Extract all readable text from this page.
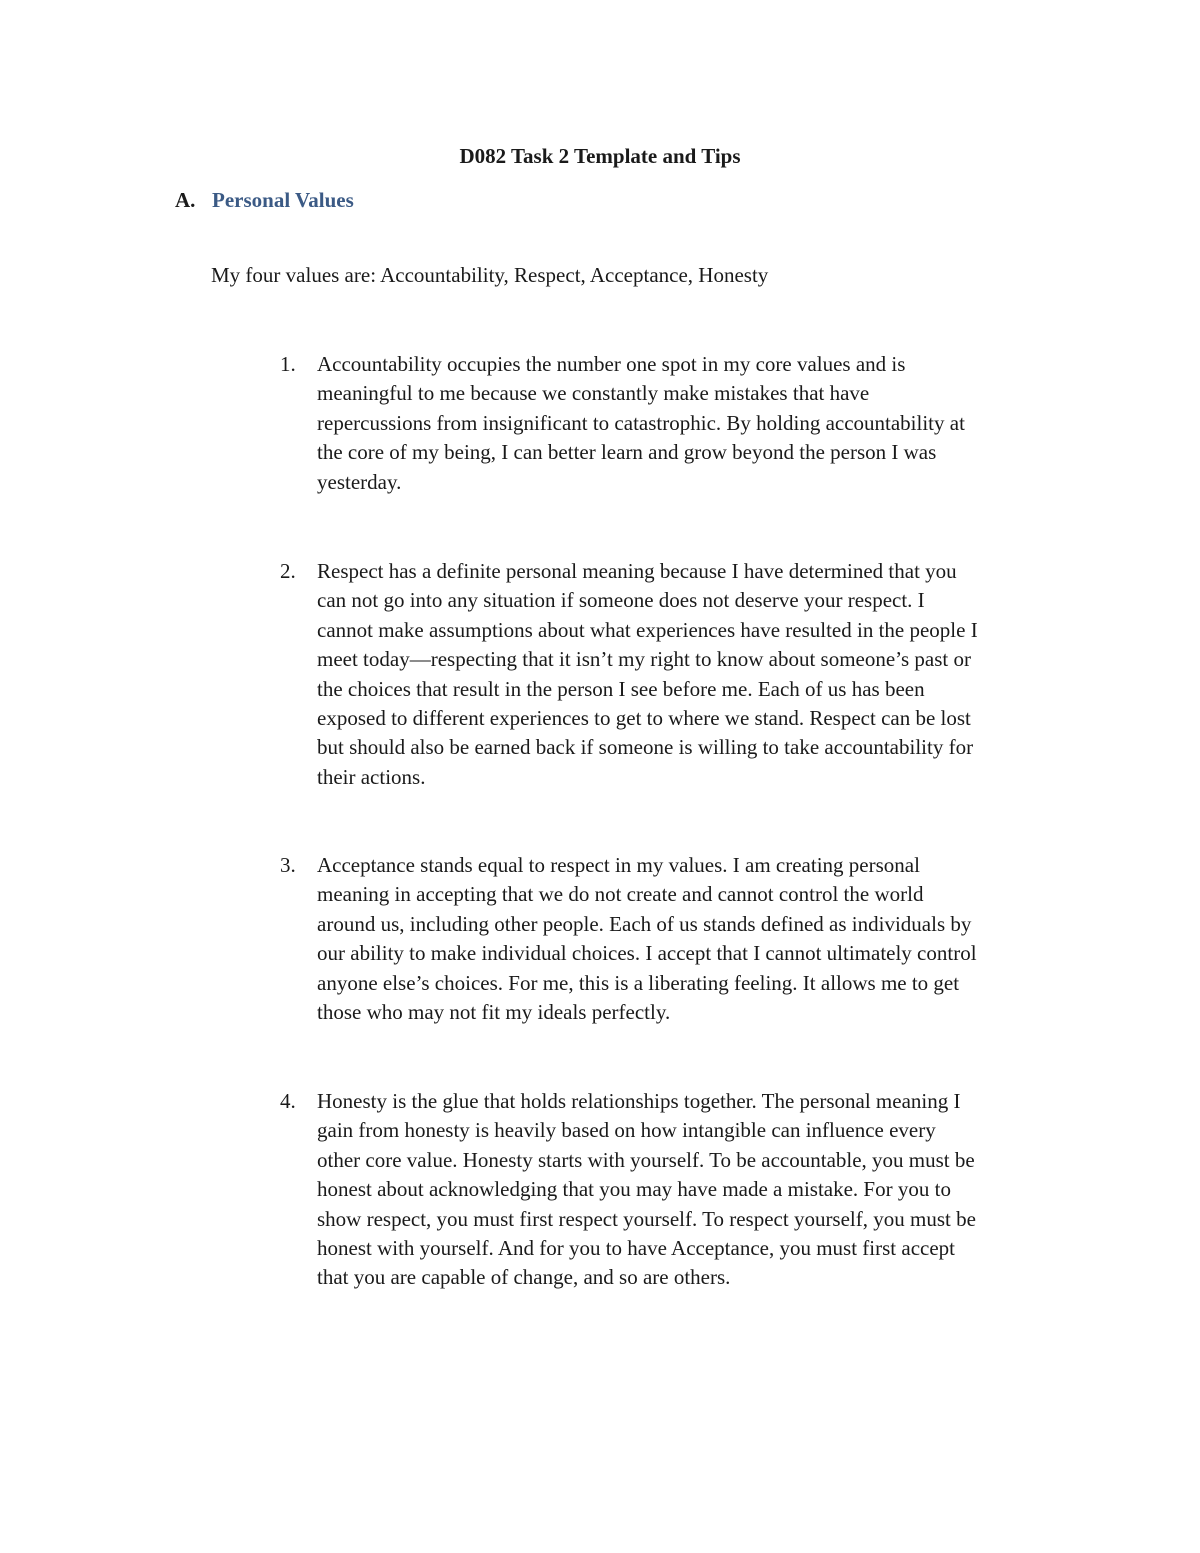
D082 Task 2 Template and Tips
A. Personal Values

My four values are: Accountability, Respect, Acceptance, Honesty

1.	Accountability occupies the number one spot in my core values and is
meaningful to me because we constantly make mistakes that have
repercussions from insignificant to catastrophic. By holding accountability at
the core of my being, I can better learn and grow beyond the person I was
yesterday.
2.	Respect has a definite personal meaning because I have determined that you
can not go into any situation if someone does not deserve your respect. I
cannot make assumptions about what experiences have resulted in the people I
meet today—respecting that it isn’t my right to know about someone’s past or
the choices that result in the person I see before me. Each of us has been
exposed to different experiences to get to where we stand. Respect can be lost
but should also be earned back if someone is willing to take accountability for
their actions.
3.	Acceptance stands equal to respect in my values. I am creating personal
meaning in accepting that we do not create and cannot control the world
around us, including other people. Each of us stands defined as individuals by
our ability to make individual choices. I accept that I cannot ultimately control
anyone else’s choices. For me, this is a liberating feeling. It allows me to get
those who may not fit my ideals perfectly.
4.	Honesty is the glue that holds relationships together. The personal meaning I
gain from honesty is heavily based on how intangible can influence every
other core value. Honesty starts with yourself. To be accountable, you must be
honest about acknowledging that you may have made a mistake. For you to
show respect, you must first respect yourself. To respect yourself, you must be
honest with yourself. And for you to have Acceptance, you must first accept
that you are capable of change, and so are others.
